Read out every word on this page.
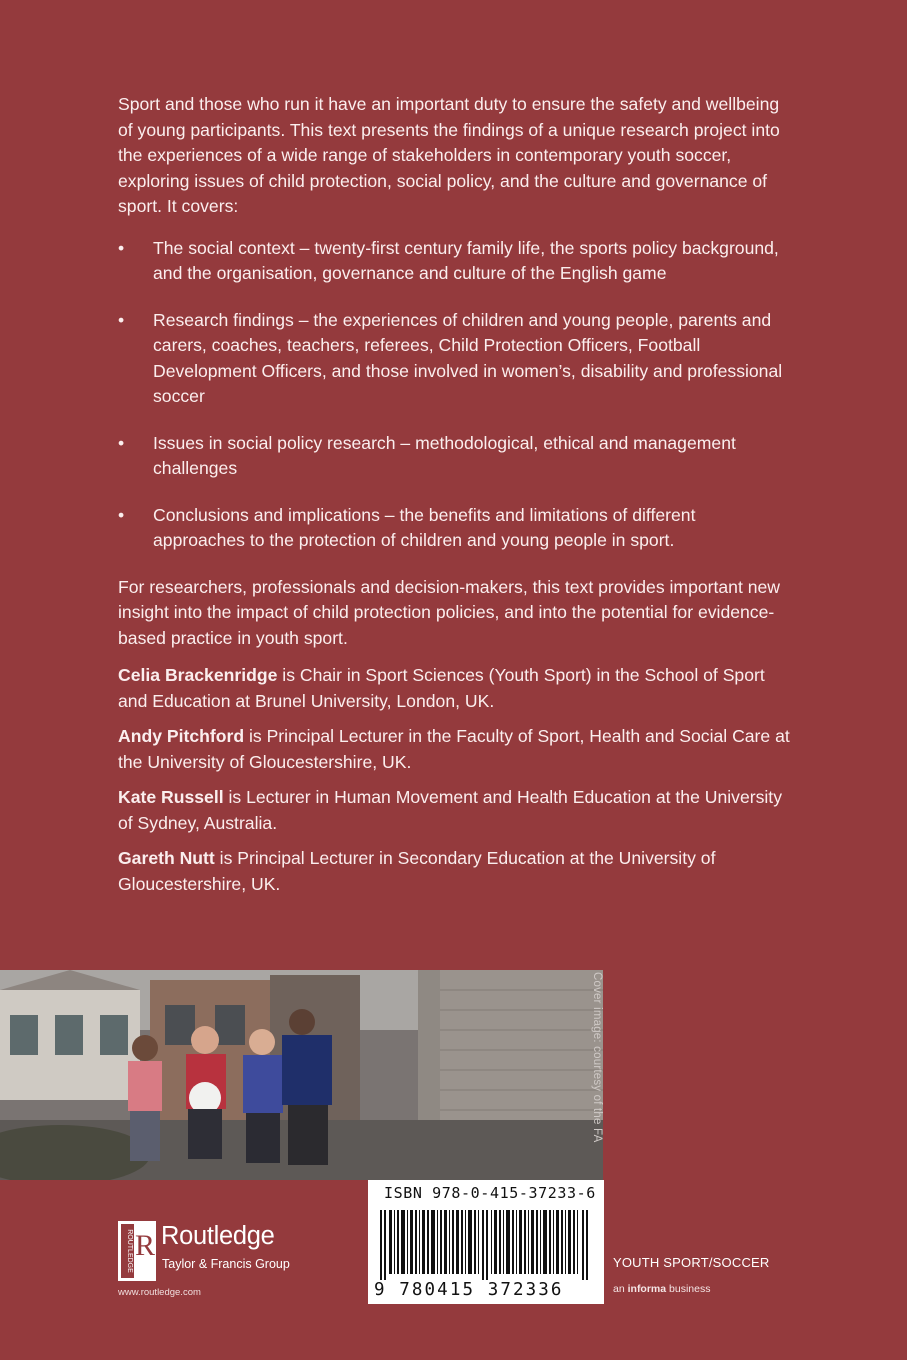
Sport and those who run it have an important duty to ensure the safety and wellbeing of young participants. This text presents the findings of a unique research project into the experiences of a wide range of stakeholders in contemporary youth soccer, exploring issues of child protection, social policy, and the culture and governance of sport. It covers:

• The social context – twenty-first century family life, the sports policy background, and the organisation, governance and culture of the English game
• Research findings – the experiences of children and young people, parents and carers, coaches, teachers, referees, Child Protection Officers, Football Development Officers, and those involved in women’s, disability and professional soccer
• Issues in social policy research – methodological, ethical and management challenges
• Conclusions and implications – the benefits and limitations of different approaches to the protection of children and young people in sport.

For researchers, professionals and decision-makers, this text provides important new insight into the impact of child protection policies, and into the potential for evidence-based practice in youth sport.

Celia Brackenridge is Chair in Sport Sciences (Youth Sport) in the School of Sport and Education at Brunel University, London, UK.

Andy Pitchford is Principal Lecturer in the Faculty of Sport, Health and Social Care at the University of Gloucestershire, UK.

Kate Russell is Lecturer in Human Movement and Health Education at the University of Sydney, Australia.

Gareth Nutt is Principal Lecturer in Secondary Education at the University of Gloucestershire, UK.

Cover image: courtesy of the FA
ISBN 978-0-415-37233-6
9 780415 372336
R
ROUTLEDGE Routledge
Taylor & Francis Group
www.routledge.com
YOUTH SPORT/SOCCER
an informa business
